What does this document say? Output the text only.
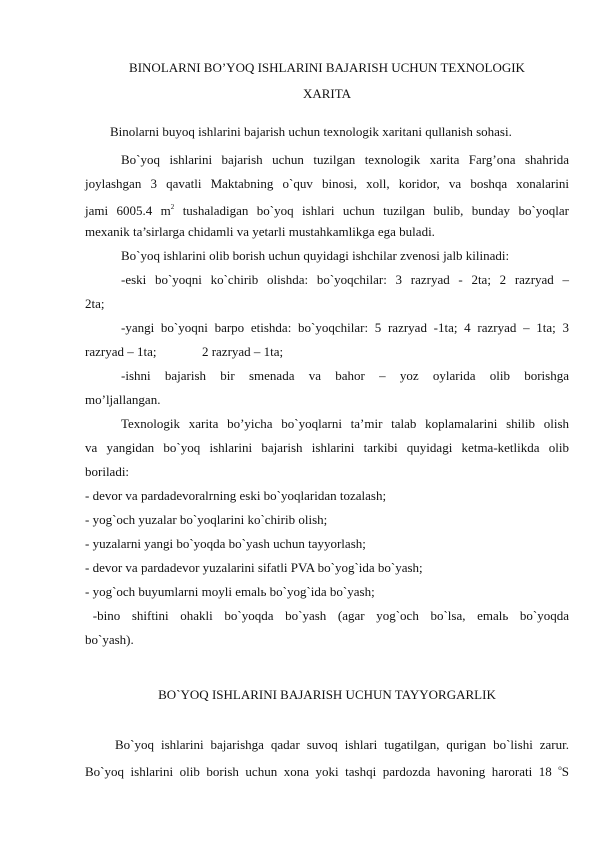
BINOLARNI BO’YOQ ISHLARINI BAJARISH UCHUN TEXNOLOGIK
XARITA
Binolarni buyoq ishlarini bajarish uchun texnologik xaritani qullanish sohasi.
Bo`yoq ishlarini bajarish uchun tuzilgan texnologik xarita Farg’ona shahrida
joylashgan 3 qavatli Maktabning o`quv binosi, xoll, koridor, va boshqa xonalarini
jami 6005.4 $m^2$ tushaladigan bo`yoq ishlari uchun tuzilgan bulib, bunday bo`yoqlar
mexanik ta’sirlarga chidamli va yetarli mustahkamlikga ega buladi.
Bo`yoq ishlarini olib borish uchun quyidagi ishchilar zvenosi jalb kilinadi:
-eski bo`yoqni ko`chirib olishda: bo`yoqchilar: 3 razryad - 2ta; 2 razryad –
2ta;
-yangi bo`yoqni barpo etishda: bo`yoqchilar: 5 razryad -1ta; 4 razryad – 1ta; 3
razryad – 1ta;              2 razryad – 1ta;
-ishni bajarish bir smenada va bahor – yoz oylarida olib borishga
mo’ljallangan.
Texnologik xarita bo’yicha bo`yoqlarni ta’mir talab koplamalarini shilib olish
va yangidan bo`yoq ishlarini bajarish ishlarini tarkibi quyidagi ketma-ketlikda olib
boriladi:
- devor va pardadevoralrning eski bo`yoqlaridan tozalash;
- yog`och yuzalar bo`yoqlarini ko`chirib olish;
- yuzalarni yangi bo`yoqda bo`yash uchun tayyorlash;
- devor va pardadevor yuzalarini sifatli PVA bo`yog`ida bo`yash;
- yog`och buyumlarni moyli emalь bo`yog`ida bo`yash;
-bino   shiftini   ohakli   bo`yoqda   bo`yash   (agar   yog`och   bo`lsa,   emalь   bo`yoqda
bo`yash).
BO`YOQ ISHLARINI BAJARISH UCHUN TAYYORGARLIK
Bo`yoq ishlarini bajarishga qadar suvoq ishlari tugatilgan, qurigan bo`lishi zarur.
Bo`yoq ishlarini olib borish uchun xona yoki tashqi pardozda havoning harorati 18 $^o$S
